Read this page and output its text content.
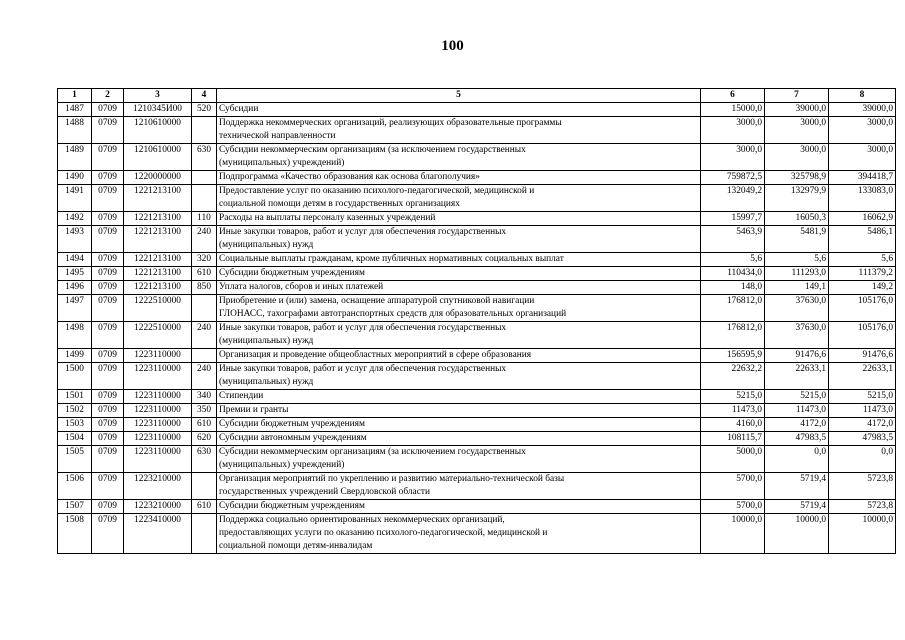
100
1	2	3	4	5	6	7	8
1487	0709	1210345И00	520	Субсидии	15000,0	39000,0	39000,0
1488	0709	1210610000		Поддержка некоммерческих организаций, реализующих образовательные программы
технической направленности	3000,0	3000,0	3000,0
1489	0709	1210610000	630	Субсидии некоммерческим организациям (за исключением государственных
(муниципальных) учреждений)	3000,0	3000,0	3000,0
1490	0709	1220000000		Подпрограмма «Качество образования как основа благополучия»	759872,5	325798,9	394418,7
1491	0709	1221213100		Предоставление услуг по оказанию психолого-педагогической, медицинской и
социальной помощи детям в государственных организациях	132049,2	132979,9	133083,0
1492	0709	1221213100	110	Расходы на выплаты персоналу казенных учреждений	15997,7	16050,3	16062,9
1493	0709	1221213100	240	Иные закупки товаров, работ и услуг для обеспечения государственных
(муниципальных) нужд	5463,9	5481,9	5486,1
1494	0709	1221213100	320	Социальные выплаты гражданам, кроме публичных нормативных социальных выплат	5,6	5,6	5,6
1495	0709	1221213100	610	Субсидии бюджетным учреждениям	110434,0	111293,0	111379,2
1496	0709	1221213100	850	Уплата налогов, сборов и иных платежей	148,0	149,1	149,2
1497	0709	1222510000		Приобретение и (или) замена, оснащение аппаратурой спутниковой навигации
ГЛОНАСС, тахографами автотранспортных средств для образовательных организаций	176812,0	37630,0	105176,0
1498	0709	1222510000	240	Иные закупки товаров, работ и услуг для обеспечения государственных
(муниципальных) нужд	176812,0	37630,0	105176,0
1499	0709	1223110000		Организация и проведение общеобластных мероприятий в сфере образования	156595,9	91476,6	91476,6
1500	0709	1223110000	240	Иные закупки товаров, работ и услуг для обеспечения государственных
(муниципальных) нужд	22632,2	22633,1	22633,1
1501	0709	1223110000	340	Стипендии	5215,0	5215,0	5215,0
1502	0709	1223110000	350	Премии и гранты	11473,0	11473,0	11473,0
1503	0709	1223110000	610	Субсидии бюджетным учреждениям	4160,0	4172,0	4172,0
1504	0709	1223110000	620	Субсидии автономным учреждениям	108115,7	47983,5	47983,5
1505	0709	1223110000	630	Субсидии некоммерческим организациям (за исключением государственных
(муниципальных) учреждений)	5000,0	0,0	0,0
1506	0709	1223210000		Организация мероприятий по укреплению и развитию материально-технической базы
государственных учреждений Свердловской области	5700,0	5719,4	5723,8
1507	0709	1223210000	610	Субсидии бюджетным учреждениям	5700,0	5719,4	5723,8
1508	0709	1223410000		Поддержка социально ориентированных некоммерческих организаций,
предоставляющих услуги по оказанию психолого-педагогической, медицинской и
социальной помощи детям-инвалидам	10000,0	10000,0	10000,0
